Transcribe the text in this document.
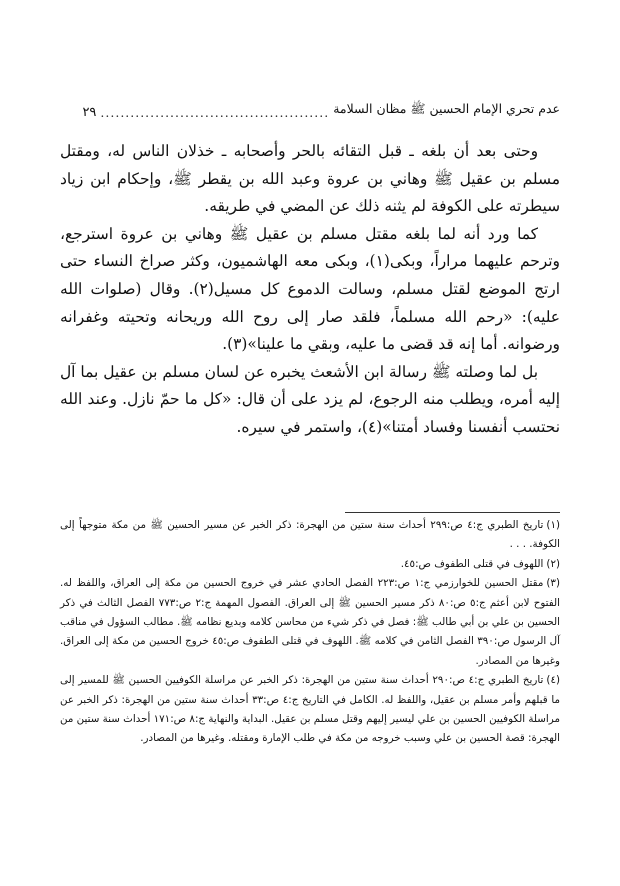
عدم تحري الإمام الحسين ﷺ مظان السلامة
..............................................
٢٩

وحتى بعد أن بلغه ـ قبل التقائه بالحر وأصحابه ـ خذلان الناس له، ومقتل مسلم بن عقيل ﷺ وهاني بن عروة وعبد الله بن يقطر ﷺ، وإحكام ابن زياد سيطرته على الكوفة لم يثنه ذلك عن المضي في طريقه.

كما ورد أنه لما بلغه مقتل مسلم بن عقيل ﷺ وهاني بن عروة استرجع، وترحم عليهما مراراً، وبكى(١)، وبكى معه الهاشميون، وكثر صراخ النساء حتى ارتج الموضع لقتل مسلم، وسالت الدموع كل مسيل(٢). وقال (صلوات الله عليه): «رحم الله مسلماً، فلقد صار إلى روح الله وريحانه وتحيته وغفرانه ورضوانه. أما إنه قد قضى ما عليه، وبقي ما علينا»(٣).

بل لما وصلته ﷺ رسالة ابن الأشعث يخبره عن لسان مسلم بن عقيل بما آل إليه أمره، ويطلب منه الرجوع، لم يزد على أن قال: «كل ما حمّ نازل. وعند الله نحتسب أنفسنا وفساد أمتنا»(٤)، واستمر في سيره.

(١)تاريخ الطبري ج:٤ ص:٢٩٩ أحداث سنة ستين من الهجرة: ذكر الخبر عن مسير الحسين ﷺ من مكة متوجهاً إلى الكوفة. . . .

(٢)اللهوف في قتلى الطفوف ص:٤٥.

(٣)مقتل الحسين للخوارزمي ج:١ ص:٢٢٣ الفصل الحادي عشر في خروج الحسين من مكة إلى العراق، واللفظ له. الفتوح لابن أعثم ج:٥ ص:٨٠ ذكر مسير الحسين ﷺ إلى العراق. الفصول المهمة ج:٢ ص:٧٧٣ الفصل الثالث في ذكر الحسين بن علي بن أبي طالب ﷺ: فصل في ذكر شيء من محاسن كلامه وبديع نظامه ﷺ. مطالب السؤول في مناقب آل الرسول ص:٣٩٠ الفصل الثامن في كلامه ﷺ. اللهوف في قتلى الطفوف ص:٤٥ خروج الحسين من مكة إلى العراق. وغيرها من المصادر.

(٤)تاريخ الطبري ج:٤ ص:٢٩٠ أحداث سنة ستين من الهجرة: ذكر الخبر عن مراسلة الكوفيين الحسين ﷺ للمسير إلى ما قبلهم وأمر مسلم بن عقيل، واللفظ له. الكامل في التاريخ ج:٤ ص:٣٣ أحداث سنة ستين من الهجرة: ذكر الخبر عن مراسلة الكوفيين الحسين بن علي ليسير إليهم وقتل مسلم بن عقيل. البداية والنهاية ج:٨ ص:١٧١ أحداث سنة ستين من الهجرة: قصة الحسين بن علي وسبب خروجه من مكة في طلب الإمارة ومقتله. وغيرها من المصادر.
